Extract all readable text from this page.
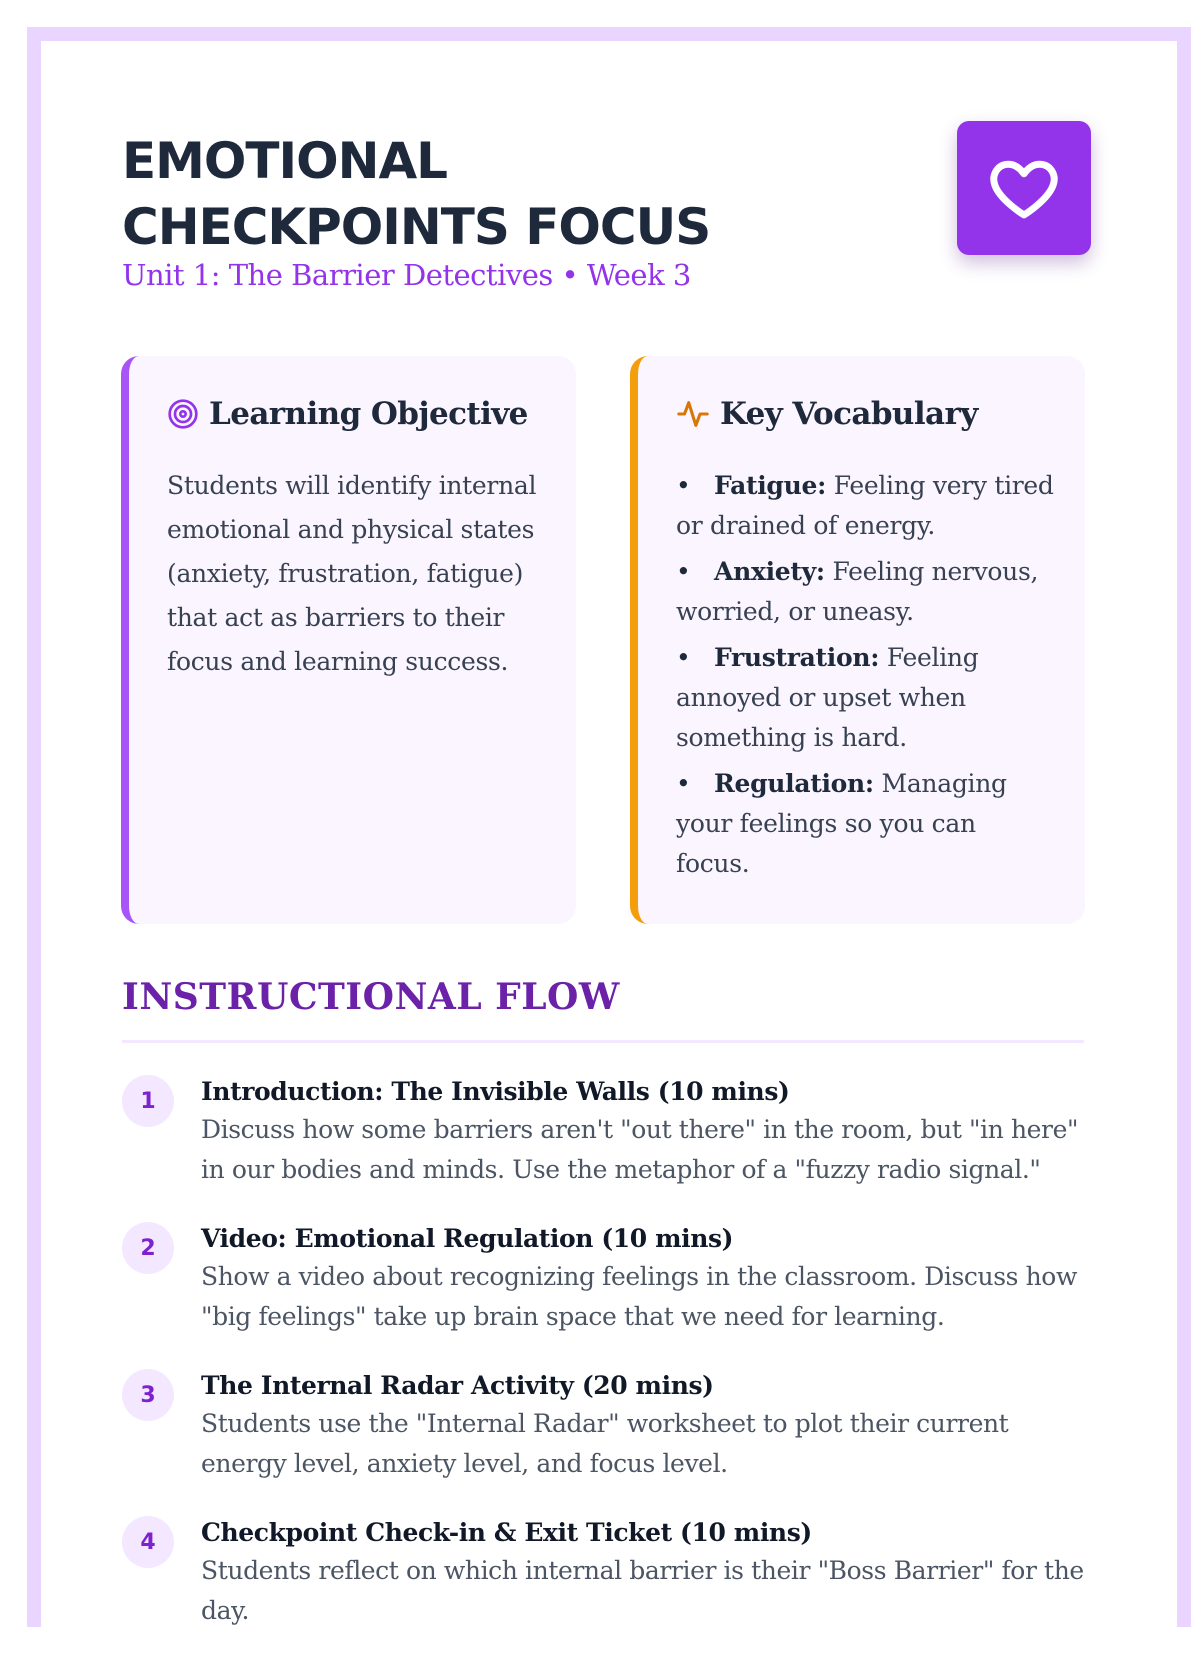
EMOTIONAL
CHECKPOINTS FOCUS
Unit 1: The Barrier Detectives • Week 3
Learning Objective

Students will identify internal emotional and physical states (anxiety, frustration, fatigue) that act as barriers to their focus and learning success.

Key Vocabulary
• Fatigue: Feeling very tired or drained of energy.
• Anxiety: Feeling nervous, worried, or uneasy.
• Frustration: Feeling annoyed or upset when something is hard.
• Regulation: Managing your feelings so you can focus.
INSTRUCTIONAL FLOW
1	Introduction: The Invisible Walls (10 mins)
Discuss how some barriers aren't "out there" in the room, but "in here" in our bodies and minds. Use the metaphor of a "fuzzy radio signal."
2	Video: Emotional Regulation (10 mins)
Show a video about recognizing feelings in the classroom. Discuss how "big feelings" take up brain space that we need for learning.
3	The Internal Radar Activity (20 mins)
Students use the "Internal Radar" worksheet to plot their current energy level, anxiety level, and focus level.
4	Checkpoint Check-in & Exit Ticket (10 mins)
Students reflect on which internal barrier is their "Boss Barrier" for the day.
